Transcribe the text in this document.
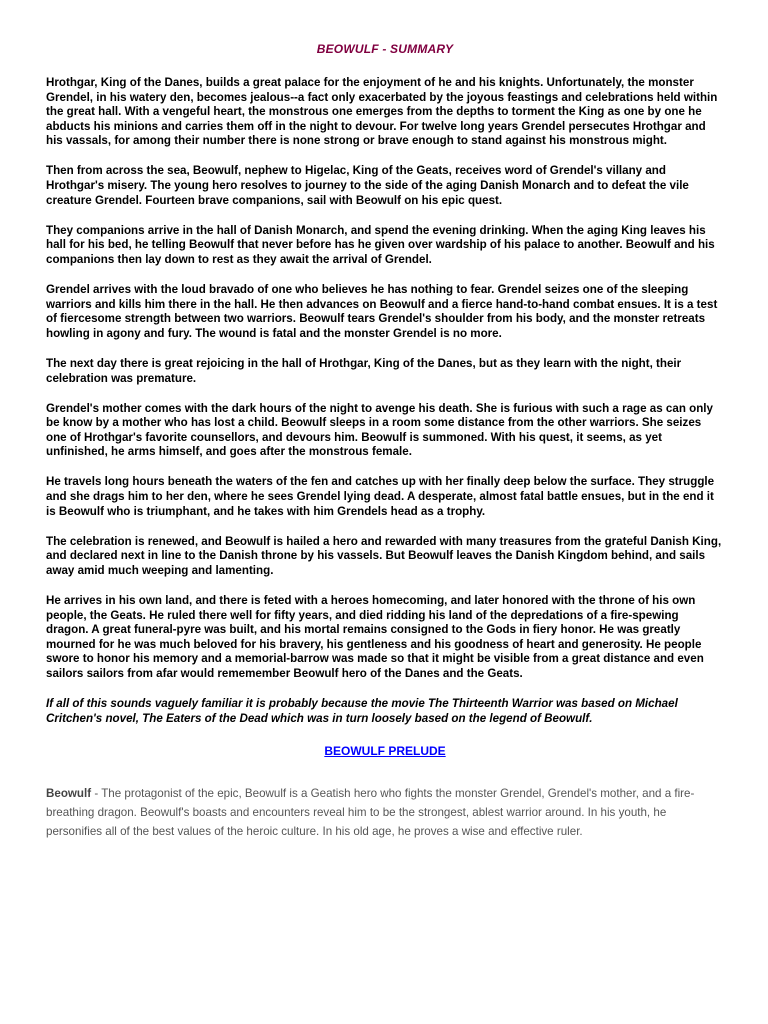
BEOWULF - SUMMARY

Hrothgar, King of the Danes, builds a great palace for the enjoyment of he and his knights. Unfortunately, the monster Grendel, in his watery den, becomes jealous--a fact only exacerbated by the joyous feastings and celebrations held within the great hall. With a vengeful heart, the monstrous one emerges from the depths to torment the King as one by one he abducts his minions and carries them off in the night to devour. For twelve long years Grendel persecutes Hrothgar and his vassals, for among their number there is none strong or brave enough to stand against his monstrous might.

Then from across the sea, Beowulf, nephew to Higelac, King of the Geats, receives word of Grendel's villany and Hrothgar's misery. The young hero resolves to journey to the side of the aging Danish Monarch and to defeat the vile creature Grendel. Fourteen brave companions, sail with Beowulf on his epic quest.

They companions arrive in the hall of Danish Monarch, and spend the evening drinking. When the aging King leaves his hall for his bed, he telling Beowulf that never before has he given over wardship of his palace to another. Beowulf and his companions then lay down to rest as they await the arrival of Grendel.

Grendel arrives with the loud bravado of one who believes he has nothing to fear. Grendel seizes one of the sleeping warriors and kills him there in the hall. He then advances on Beowulf and a fierce hand-to-hand combat ensues. It is a test of fiercesome strength between two warriors. Beowulf tears Grendel's shoulder from his body, and the monster retreats howling in agony and fury. The wound is fatal and the monster Grendel is no more.

The next day there is great rejoicing in the hall of Hrothgar, King of the Danes, but as they learn with the night, their celebration was premature.

Grendel's mother comes with the dark hours of the night to avenge his death. She is furious with such a rage as can only be know by a mother who has lost a child. Beowulf sleeps in a room some distance from the other warriors. She seizes one of Hrothgar's favorite counsellors, and devours him. Beowulf is summoned. With his quest, it seems, as yet unfinished, he arms himself, and goes after the monstrous female.

He travels long hours beneath the waters of the fen and catches up with her finally deep below the surface. They struggle and she drags him to her den, where he sees Grendel lying dead. A desperate, almost fatal battle ensues, but in the end it is Beowulf who is triumphant, and he takes with him Grendels head as a trophy.

The celebration is renewed, and Beowulf is hailed a hero and rewarded with many treasures from the grateful Danish King, and declared next in line to the Danish throne by his vassels. But Beowulf leaves the Danish Kingdom behind, and sails away amid much weeping and lamenting.

He arrives in his own land, and there is feted with a heroes homecoming, and later honored with the throne of his own people, the Geats. He ruled there well for fifty years, and died ridding his land of the depredations of a fire-spewing dragon. A great funeral-pyre was built, and his mortal remains consigned to the Gods in fiery honor. He was greatly mourned for he was much beloved for his bravery, his gentleness and his goodness of heart and generosity. He people swore to honor his memory and a memorial-barrow was made so that it might be visible from a great distance and even sailors sailors from afar would rememember Beowulf hero of the Danes and the Geats.

If all of this sounds vaguely familiar it is probably because the movie The Thirteenth Warrior was based on Michael Critchen's novel, The Eaters of the Dead which was in turn loosely based on the legend of Beowulf.

BEOWULF PRELUDE

Beowulf - The protagonist of the epic, Beowulf is a Geatish hero who fights the monster Grendel, Grendel's mother, and a fire-breathing dragon. Beowulf's boasts and encounters reveal him to be the strongest, ablest warrior around. In his youth, he personifies all of the best values of the heroic culture. In his old age, he proves a wise and effective ruler.
